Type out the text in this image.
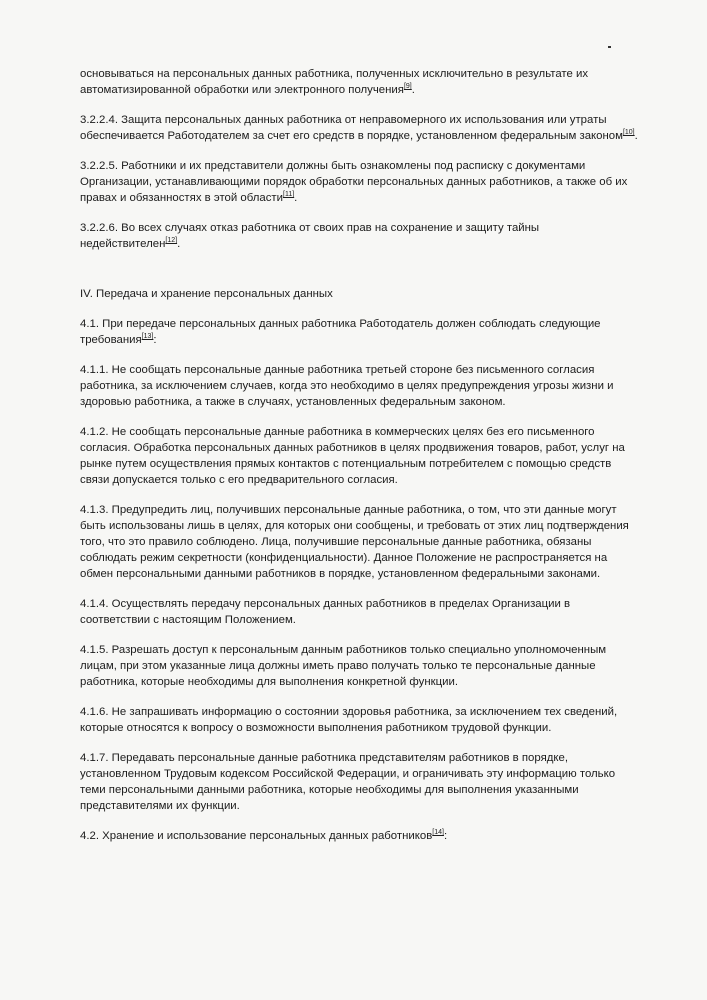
основываться на персональных данных работника, полученных исключительно в результате их автоматизированной обработки или электронного получения[9].

3.2.2.4. Защита персональных данных работника от неправомерного их использования или утраты обеспечивается Работодателем за счет его средств в порядке, установленном федеральным законом[10].

3.2.2.5. Работники и их представители должны быть ознакомлены под расписку с документами Организации, устанавливающими порядок обработки персональных данных работников, а также об их правах и обязанностях в этой области[11].

3.2.2.6. Во всех случаях отказ работника от своих прав на сохранение и защиту тайны недействителен[12].

IV. Передача и хранение персональных данных

4.1. При передаче персональных данных работника Работодатель должен соблюдать следующие требования[13]:

4.1.1. Не сообщать персональные данные работника третьей стороне без письменного согласия работника, за исключением случаев, когда это необходимо в целях предупреждения угрозы жизни и здоровью работника, а также в случаях, установленных федеральным законом.

4.1.2. Не сообщать персональные данные работника в коммерческих целях без его письменного согласия. Обработка персональных данных работников в целях продвижения товаров, работ, услуг на рынке путем осуществления прямых контактов с потенциальным потребителем с помощью средств связи допускается только с его предварительного согласия.

4.1.3. Предупредить лиц, получивших персональные данные работника, о том, что эти данные могут быть использованы лишь в целях, для которых они сообщены, и требовать от этих лиц подтверждения того, что это правило соблюдено. Лица, получившие персональные данные работника, обязаны соблюдать режим секретности (конфиденциальности). Данное Положение не распространяется на обмен персональными данными работников в порядке, установленном федеральными законами.

4.1.4. Осуществлять передачу персональных данных работников в пределах Организации в соответствии с настоящим Положением.

4.1.5. Разрешать доступ к персональным данным работников только специально уполномоченным лицам, при этом указанные лица должны иметь право получать только те персональные данные работника, которые необходимы для выполнения конкретной функции.

4.1.6. Не запрашивать информацию о состоянии здоровья работника, за исключением тех сведений, которые относятся к вопросу о возможности выполнения работником трудовой функции.

4.1.7. Передавать персональные данные работника представителям работников в порядке, установленном Трудовым кодексом Российской Федерации, и ограничивать эту информацию только теми персональными данными работника, которые необходимы для выполнения указанными представителями их функции.

4.2. Хранение и использование персональных данных работников[14]:
